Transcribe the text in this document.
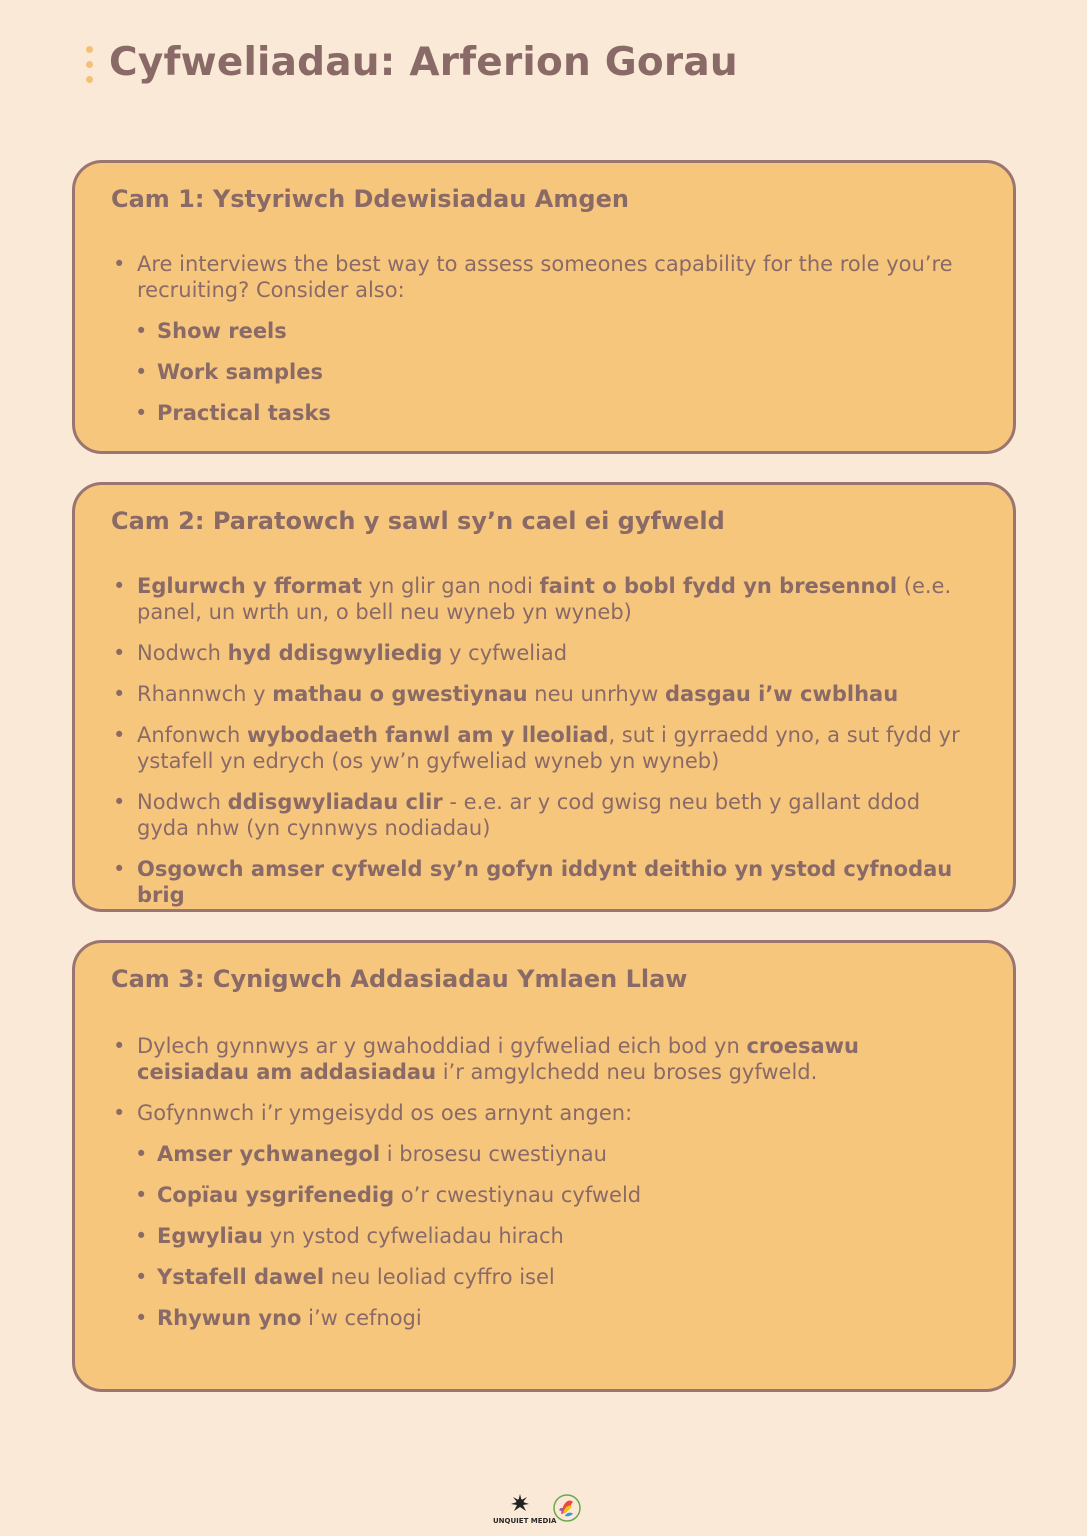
Cyfweliadau: Arferion Gorau
Cam 1: Ystyriwch Ddewisiadau Amgen
• Are interviews the best way to assess someones capability for the role you’re recruiting? Consider also:
• Show reels
• Work samples
• Practical tasks
Cam 2: Paratowch y sawl sy’n cael ei gyfweld
• Eglurwch y fformat yn glir gan nodi faint o bobl fydd yn bresennol (e.e. panel, un wrth un, o bell neu wyneb yn wyneb)
• Nodwch hyd ddisgwyliedig y cyfweliad
• Rhannwch y mathau o gwestiynau neu unrhyw dasgau i’w cwblhau
• Anfonwch wybodaeth fanwl am y lleoliad, sut i gyrraedd yno, a sut fydd yr ystafell yn edrych (os yw’n gyfweliad wyneb yn wyneb)
• Nodwch ddisgwyliadau clir - e.e. ar y cod gwisg neu beth y gallant ddod gyda nhw (yn cynnwys nodiadau)
• Osgowch amser cyfweld sy’n gofyn iddynt deithio yn ystod cyfnodau brig
Cam 3: Cynigwch Addasiadau Ymlaen Llaw
• Dylech gynnwys ar y gwahoddiad i gyfweliad eich bod yn croesawu ceisiadau am addasiadau i’r amgylchedd neu broses gyfweld.
• Gofynnwch i’r ymgeisydd os oes arnynt angen:
• Amser ychwanegol i brosesu cwestiynau
• Copïau ysgrifenedig o’r cwestiynau cyfweld
• Egwyliau yn ystod cyfweliadau hirach
• Ystafell dawel neu leoliad cyffro isel
• Rhywun yno i’w cefnogi
UNQUIET MEDIA
